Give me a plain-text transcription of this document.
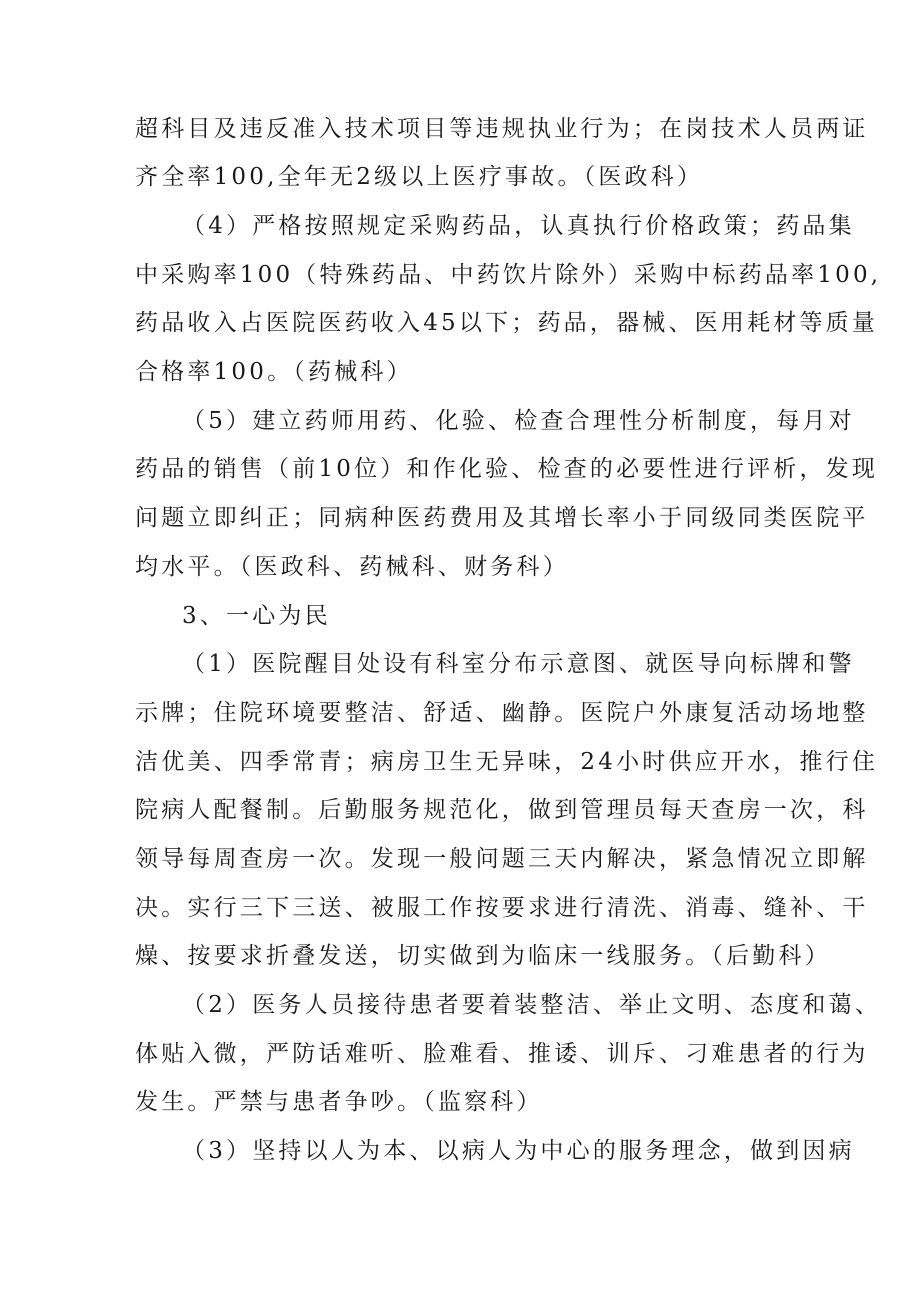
超科目及违反准入技术项目等违规执业行为；在岗技术人员两证
齐全率100,全年无2级以上医疗事故。（医政科）
（4）严格按照规定采购药品，认真执行价格政策；药品集
中采购率100（特殊药品、中药饮片除外）采购中标药品率100,
药品收入占医院医药收入45以下；药品，器械、医用耗材等质量
合格率100。（药械科）
（5）建立药师用药、化验、检查合理性分析制度，每月对
药品的销售（前10位）和作化验、检查的必要性进行评析，发现
问题立即纠正；同病种医药费用及其增长率小于同级同类医院平
均水平。（医政科、药械科、财务科）
3、一心为民
（1）医院醒目处设有科室分布示意图、就医导向标牌和警
示牌；住院环境要整洁、舒适、幽静。医院户外康复活动场地整
洁优美、四季常青；病房卫生无异味，24小时供应开水，推行住
院病人配餐制。后勤服务规范化，做到管理员每天查房一次，科
领导每周查房一次。发现一般问题三天内解决，紧急情况立即解
决。实行三下三送、被服工作按要求进行清洗、消毒、缝补、干
燥、按要求折叠发送，切实做到为临床一线服务。（后勤科）
（2）医务人员接待患者要着装整洁、举止文明、态度和蔼、
体贴入微，严防话难听、脸难看、推诿、训斥、刁难患者的行为
发生。严禁与患者争吵。（监察科）
（3）坚持以人为本、以病人为中心的服务理念，做到因病
